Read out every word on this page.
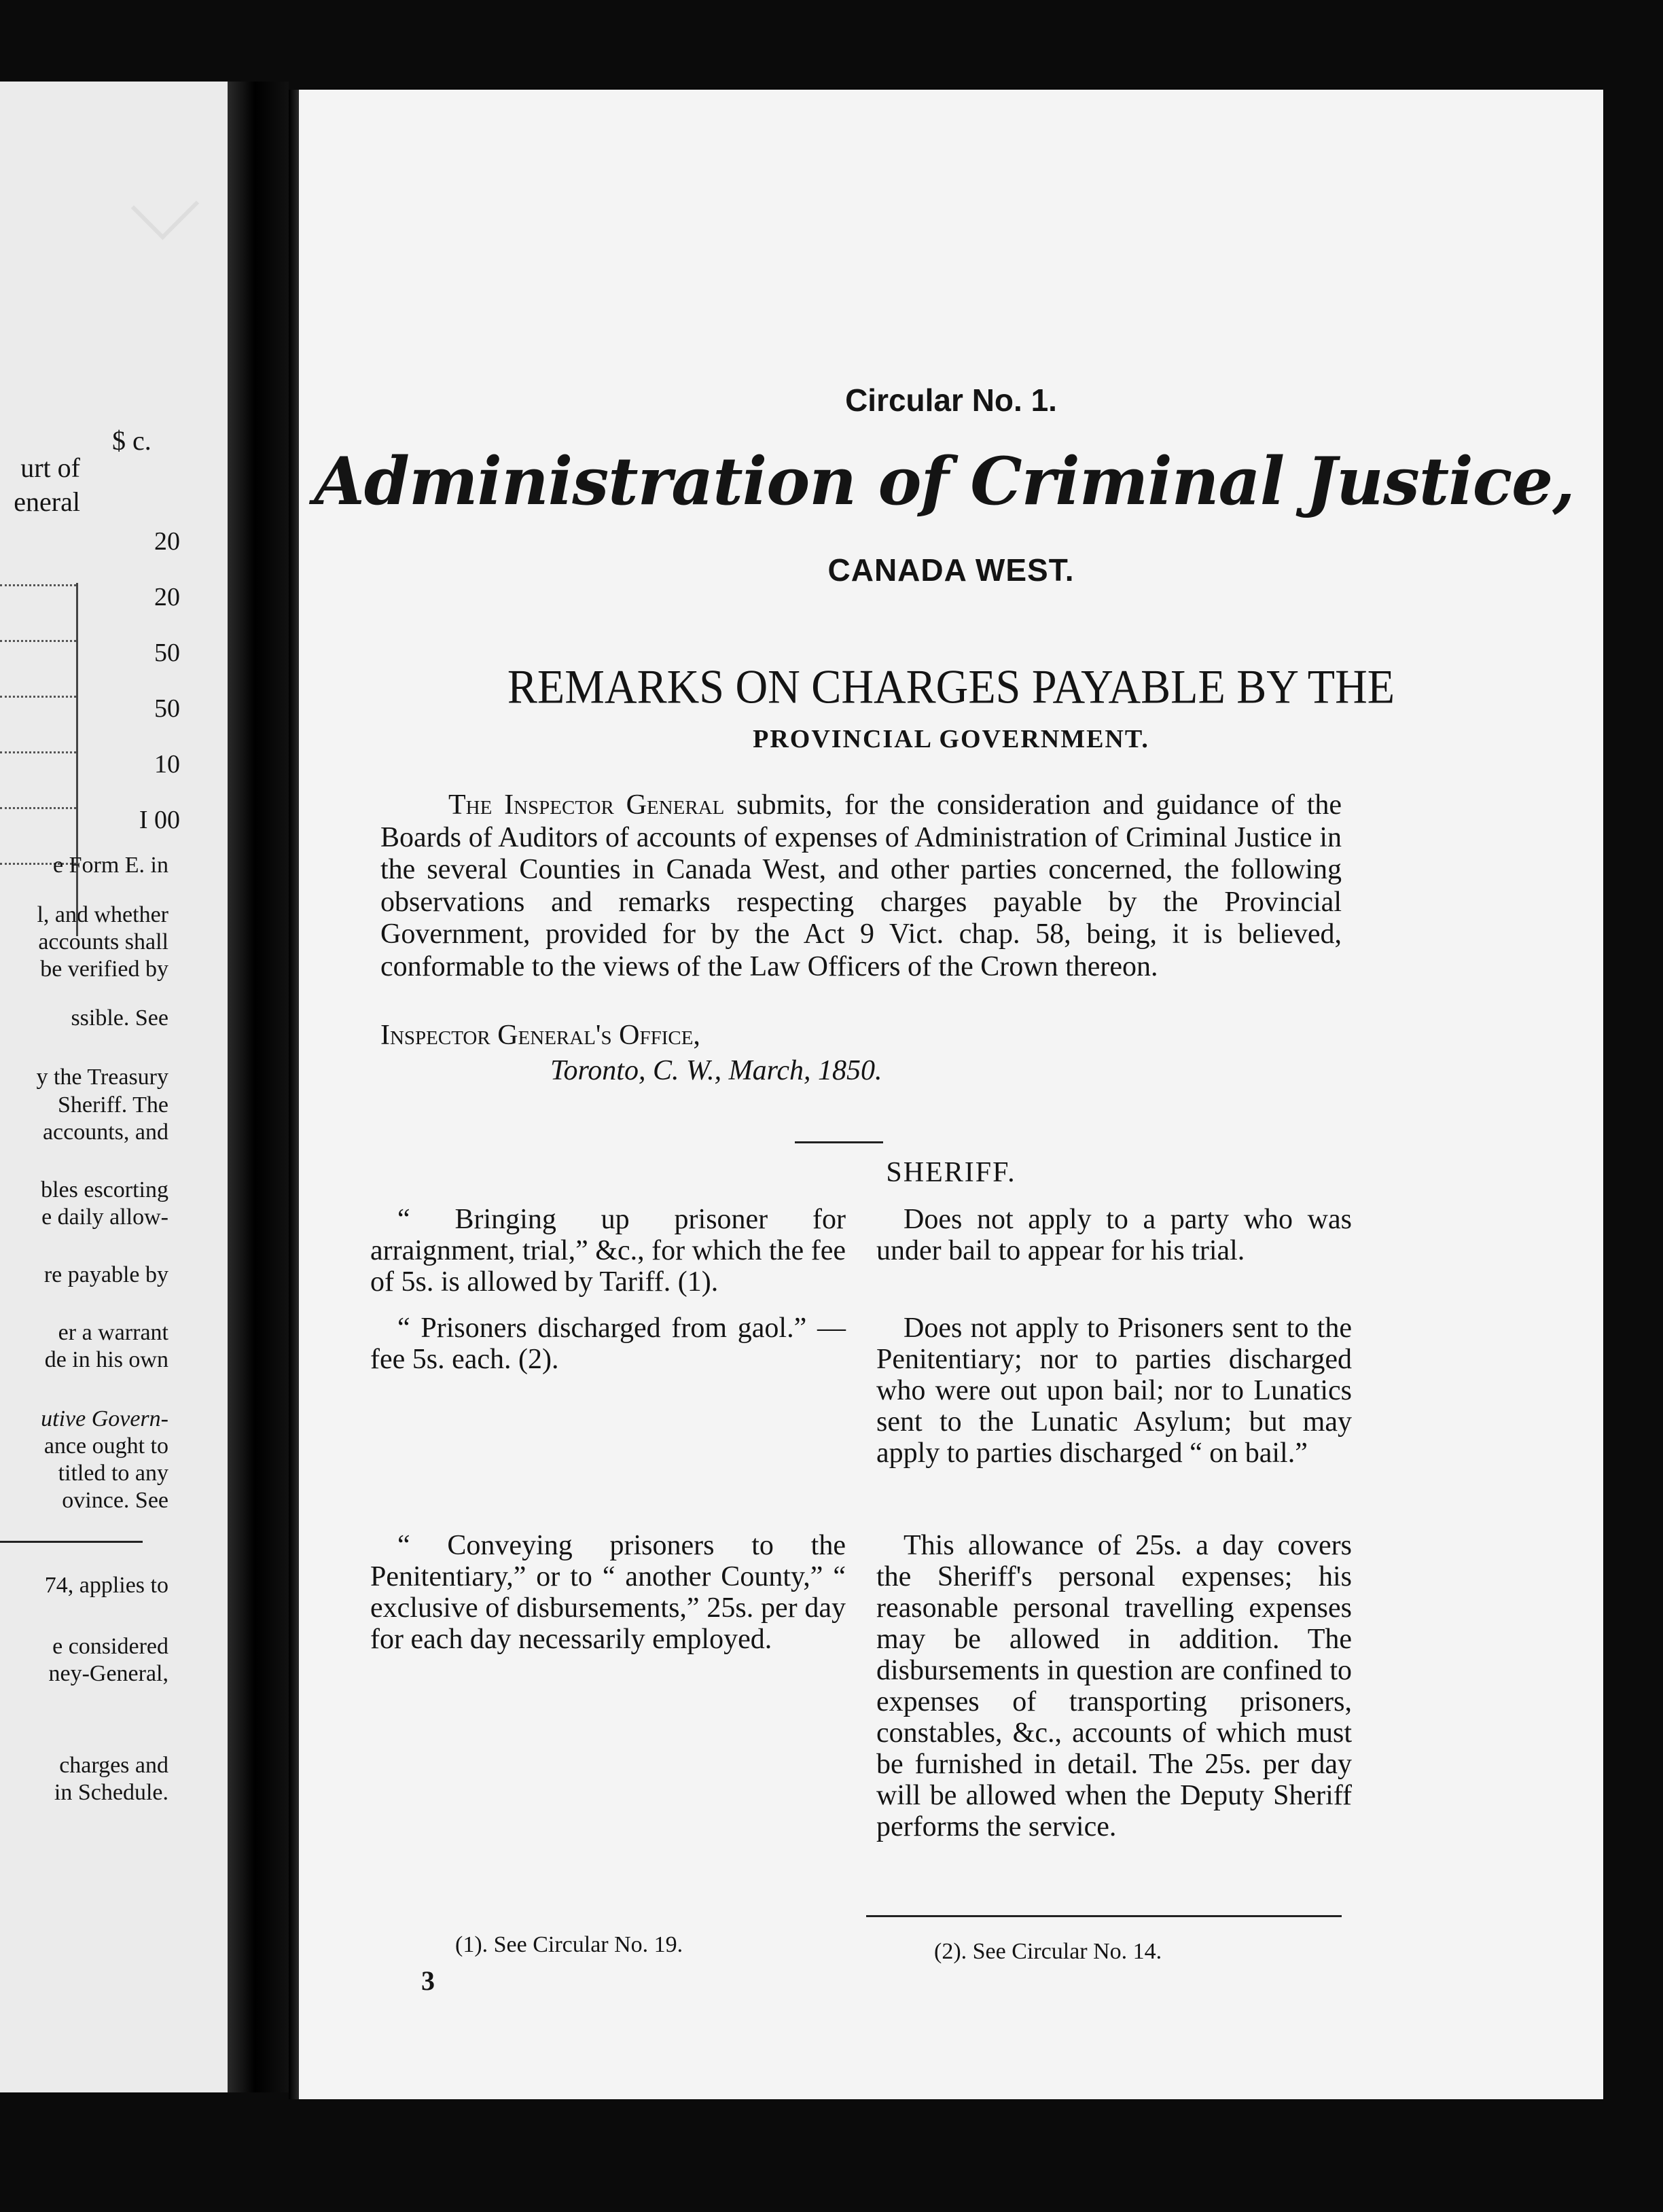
$ c.
urt of
eneral
20
20
50
50
10
I 00
e Form E. in
l, and whether
accounts shall
be verified by
ssible. See
y the Treasury
Sheriff. The
accounts, and
bles escorting
e daily allow-
re payable by
er a warrant
de in his own
utive Govern-
ance ought to
titled to any
ovince. See
74, applies to
e considered
ney-General,
charges and
in Schedule.
Circular No. 1.
Administration of Criminal Justice,
CANADA WEST.
REMARKS ON CHARGES PAYABLE BY THE
PROVINCIAL GOVERNMENT.
The Inspector General submits, for the consideration and guidance of the Boards of Auditors of accounts of expenses of Administration of Criminal Justice in the several Counties in Canada West, and other parties concerned, the following observations and remarks respecting charges payable by the Provincial Government, provided for by the Act 9 Vict. chap. 58, being, it is believed, conformable to the views of the Law Officers of the Crown thereon.
Inspector General's Office,
Toronto, C. W., March, 1850.
SHERIFF.

“ Bringing up prisoner for arraignment, trial,” &c., for which the fee of 5s. is allowed by Tariff. (1).

Does not apply to a party who was under bail to appear for his trial.

“ Prisoners discharged from gaol.” —fee 5s. each. (2).

Does not apply to Prisoners sent to the Penitentiary; nor to parties discharged who were out upon bail; nor to Lunatics sent to the Lunatic Asylum; but may apply to parties discharged “ on bail.”

“ Conveying prisoners to the Penitentiary,” or to “ another County,” “ exclusive of disbursements,” 25s. per day for each day necessarily employed.

This allowance of 25s. a day covers the Sheriff's personal expenses; his reasonable personal travelling expenses may be allowed in addition. The disbursements in question are confined to expenses of transporting prisoners, constables, &c., accounts of which must be furnished in detail. The 25s. per day will be allowed when the Deputy Sheriff performs the service.

(1). See Circular No. 19.	(2). See Circular No. 14.
3
